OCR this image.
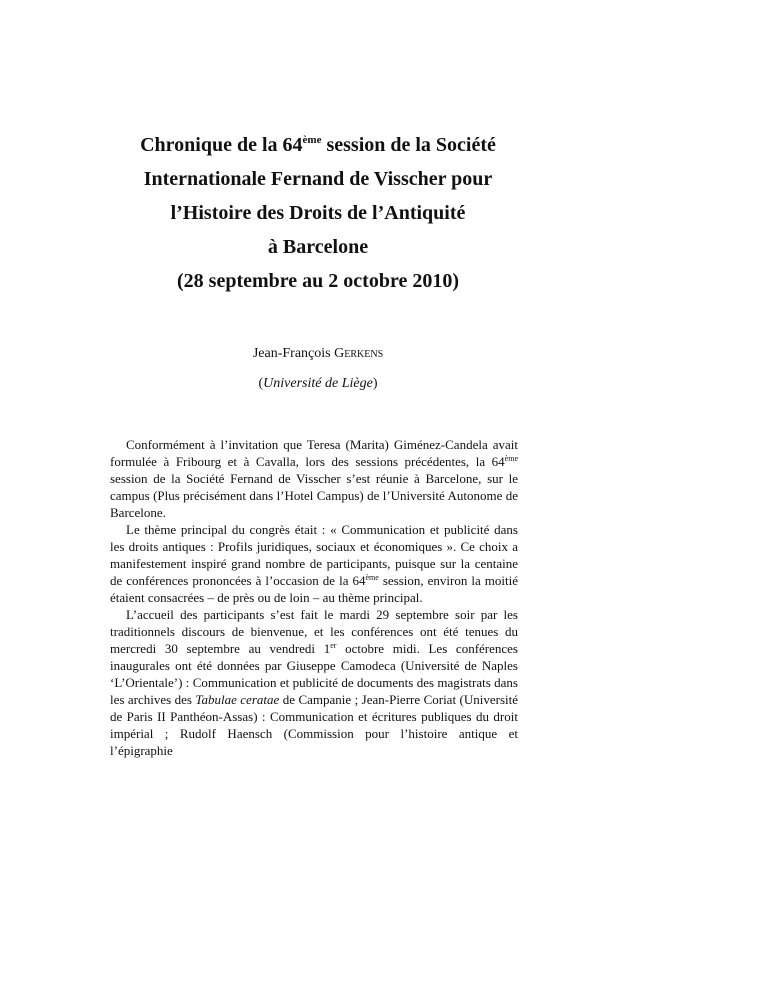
Chronique de la 64ème session de la Société
Internationale Fernand de Visscher pour
l’Histoire des Droits de l’Antiquité
à Barcelone
(28 septembre au 2 octobre 2010)
Jean-François Gerkens
(Université de Liège)

Conformément à l’invitation que Teresa (Marita) Giménez-Candela avait formulée à Fribourg et à Cavalla, lors des sessions précédentes, la 64ème session de la Société Fernand de Visscher s’est réunie à Barcelone, sur le campus (Plus précisément dans l’Hotel Campus) de l’Université Autonome de Barcelone.

Le thème principal du congrès était : « Communication et publicité dans les droits antiques : Profils juridiques, sociaux et économiques ». Ce choix a manifestement inspiré grand nombre de participants, puisque sur la centaine de conférences prononcées à l’occasion de la 64ème session, environ la moitié étaient consacrées – de près ou de loin – au thème principal.

L’accueil des participants s’est fait le mardi 29 septembre soir par les traditionnels discours de bienvenue, et les conférences ont été tenues du mercredi 30 septembre au vendredi 1er octobre midi. Les conférences inaugurales ont été données par Giuseppe Camodeca (Université de Naples ‘L’Orientale’) : Communication et publicité de documents des magistrats dans les archives des Tabulae ceratae de Campanie ; Jean-Pierre Coriat (Université de Paris II Panthéon-Assas) : Communication et écritures publiques du droit impérial ; Rudolf Haensch (Commission pour l’histoire antique et l’épigraphie
